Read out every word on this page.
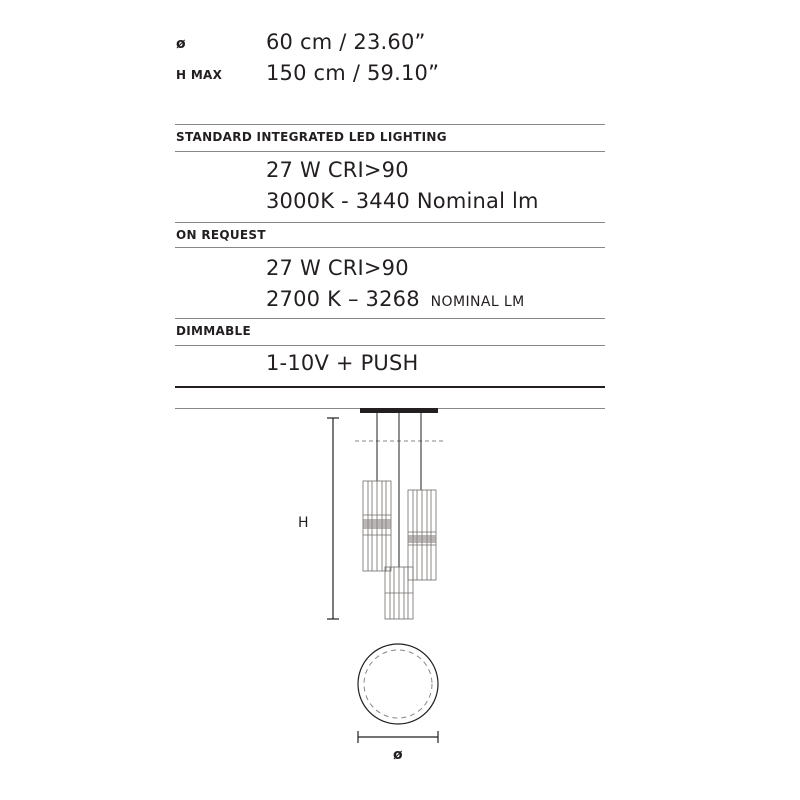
ø	60 cm / 23.60”
H MAX 150 cm / 59.10”
STANDARD INTEGRATED LED LIGHTING
27 W CRI>90
3000K - 3440 Nominal lm
ON REQUEST
27 W CRI>90
2700 K – 3268 NOMINAL LM
DIMMABLE
1-10V + PUSH
H
ø
